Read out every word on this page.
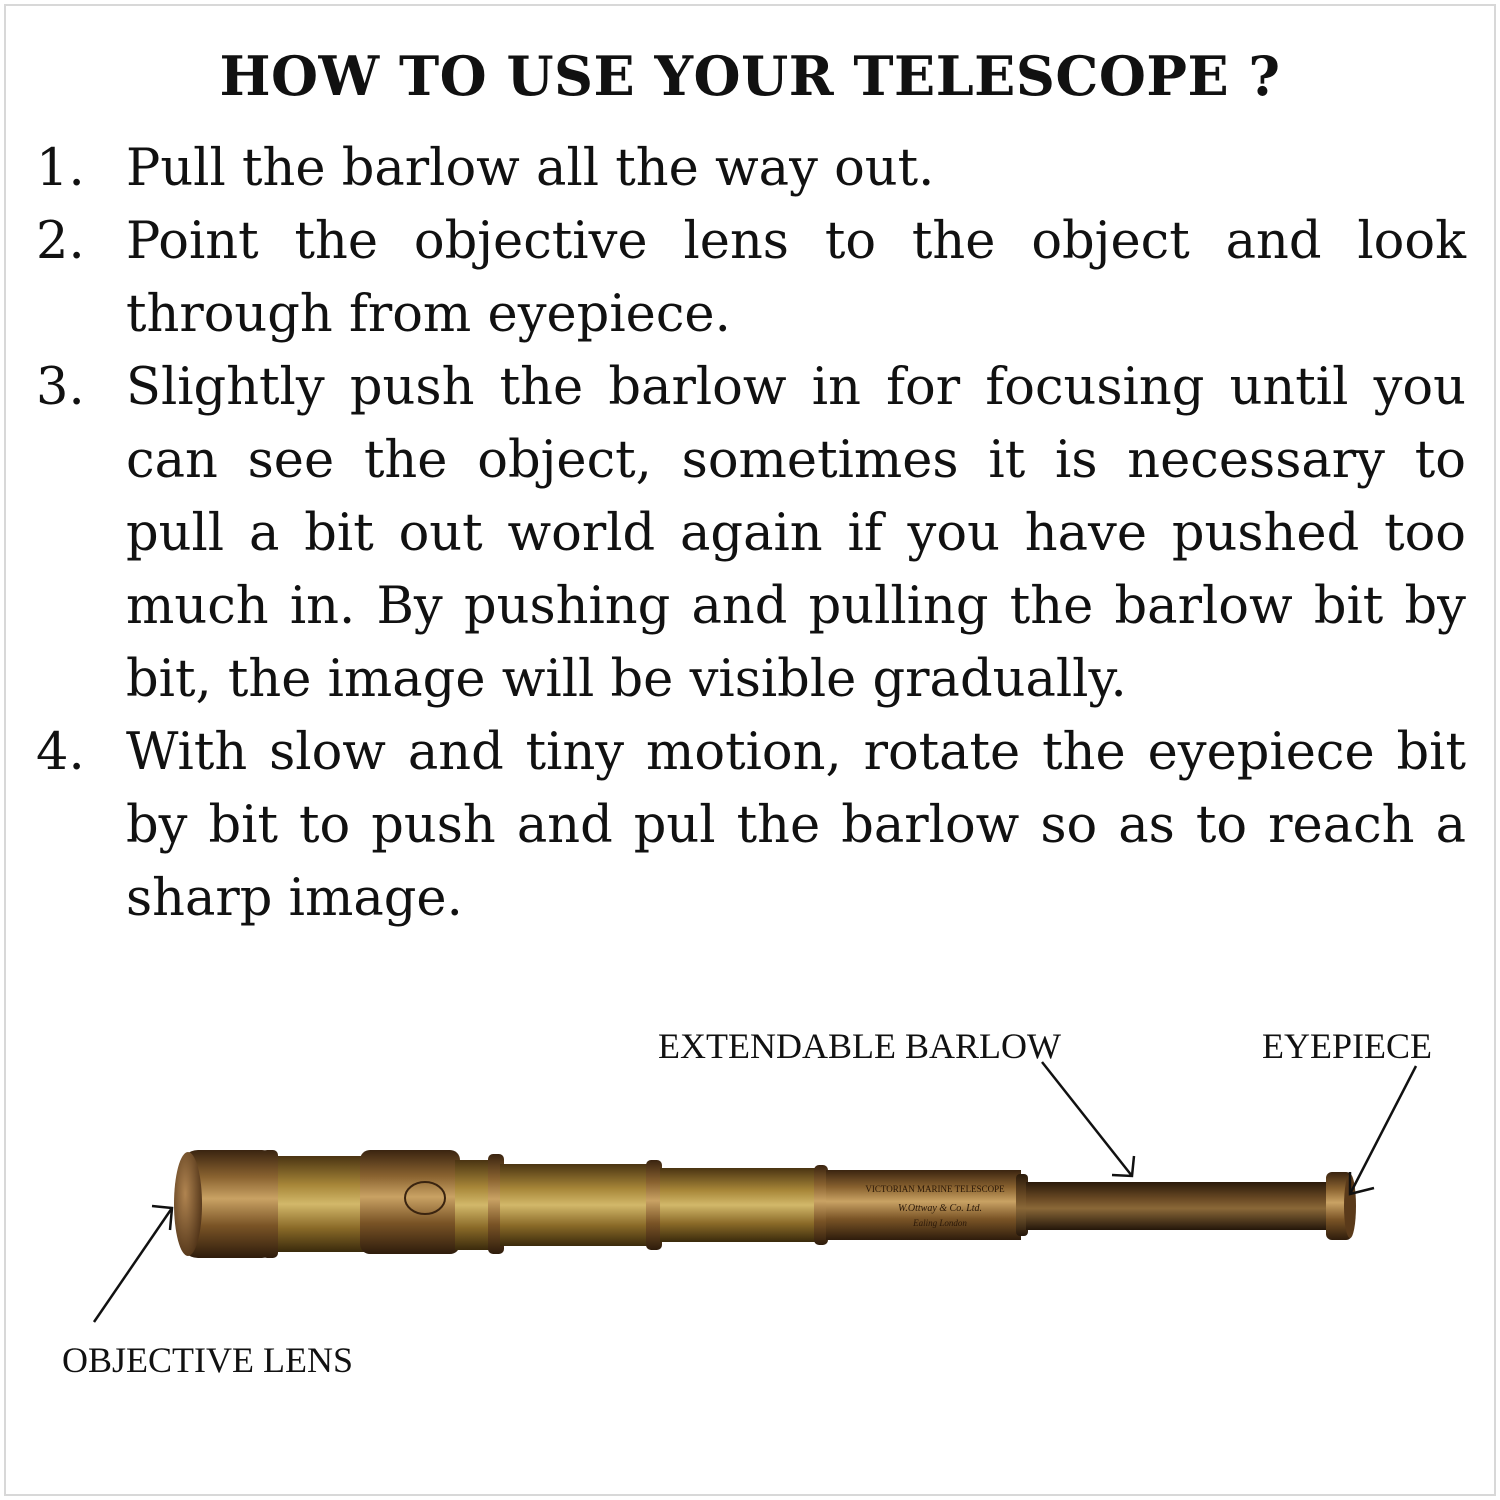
HOW TO USE YOUR TELESCOPE ?
1. Pull the barlow all the way out.
2. Point the objective lens to the object and look through from eyepiece.
3. Slightly push the barlow in for focusing until you can see the object, sometimes it is necessary to pull a bit out world again if you have pushed too much in. By pushing and pulling the barlow bit by bit, the image will be visible gradually.
4. With slow and tiny motion, rotate the eyepiece bit by bit to push and pul the barlow so as to reach a sharp image.
VICTORIAN MARINE TELESCOPE
W.Ottway & Co. Ltd.
Ealing London
EXTENDABLE BARLOW	EYEPIECE
OBJECTIVE LENS
